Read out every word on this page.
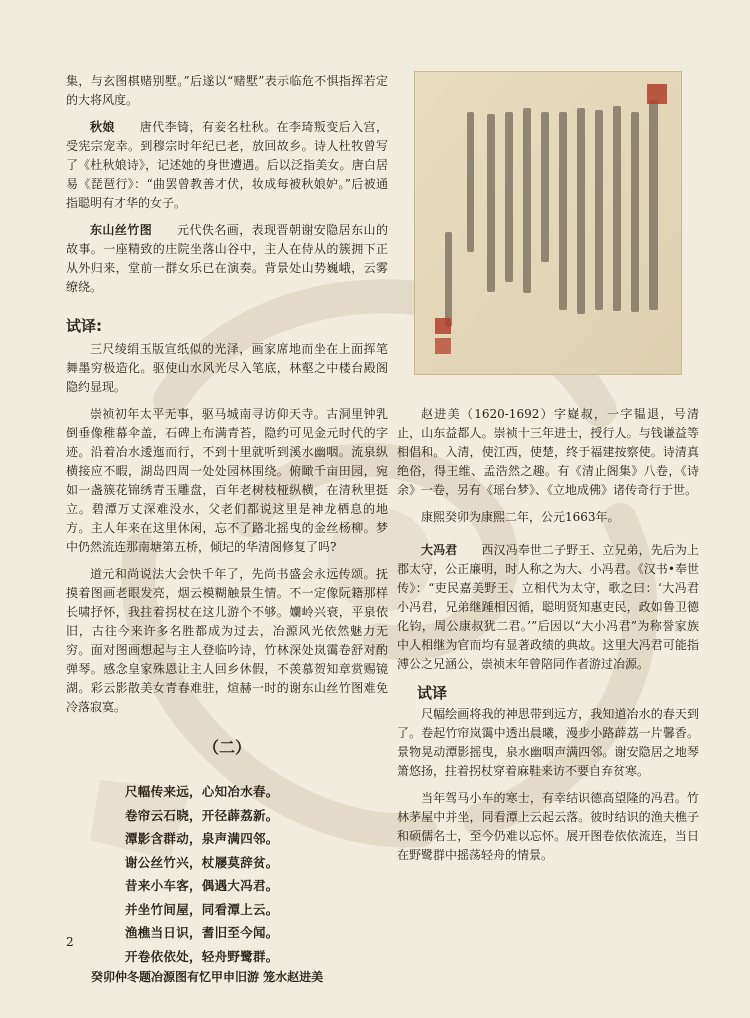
集，与玄图棋赌别墅。”后遂以“赌墅”表示临危不惧指挥若定的大将风度。

秋娘　　 唐代李锜，有妾名杜秋。在李琦叛变后入宫，受宪宗宠幸。到穆宗时年纪已老，放回故乡。诗人杜牧曾写了《杜秋娘诗》，记述她的身世遭遇。后以泛指美女。唐白居易《琵琶行》：“曲罢曾教善才伏，妆成每被秋娘妒。”后被通指聪明有才华的女子。

东山丝竹图　　 元代佚名画，表现晋朝谢安隐居东山的故事。一座精致的庄院坐落山谷中，主人在侍从的簇拥下正从外归来，堂前一群女乐已在演奏。背景处山势巍峨，云雾缭绕。

试译:

三尺绫绢玉版宣纸似的光泽，画家席地而坐在上面挥笔舞墨穷极造化。驱使山水风光尽入笔底，林壑之中楼台殿阁隐约显现。

崇祯初年太平无事，驱马城南寻访仰天寺。古洞里钟乳倒垂像稚幕伞盖，石碑上布满青苔，隐约可见金元时代的字迹。沿着冶水逶迤而行，不到十里就听到溪水幽咽。流泉纵横接应不暇，湖岛四周一处处园林围绕。俯瞰千亩田园，宛如一盏簇花锦绣青玉雕盘，百年老树枝桠纵横，在清秋里挺立。碧潭万丈深难没水，父老们都说这里是神龙栖息的地方。主人年来在这里休闲，忘不了路北摇曳的金丝杨柳。梦中仍然流连那南塘第五桥，倾圮的华清阁修复了吗?

道元和尚说法大会快千年了，先尚书盛会永远传颂。抚摸着图画老眼发亮，烟云模糊触景生情。不一定像阮籍那样长啸抒怀，我拄着拐杖在这儿游个不够。孏岭兴衰，平泉依旧，古往今来许多名胜都成为过去，冶源风光依然魅力无穷。面对图画想起与主人登临吟诗，竹林深处岚霭卷舒对酌弹琴。感念皇家殊恩让主人回乡休假，不羡慕贺知章赏赐镜湖。彩云影散美女青春难驻，煊赫一时的谢东山丝竹图难免冷落寂寞。

（二）
尺幅传来远，心知冶水春。
卷帘云石晓，开径薜荔新。
潭影含群动，泉声满四邻。
谢公丝竹兴，杖屦莫辞贫。
昔来小车客，偶遇大冯君。
并坐竹间屋，同看潭上云。
渔樵当日识，耆旧至今闻。
开卷依依处，轻舟野鹭群。
癸卯仲冬题冶源图有忆甲申旧游 笼水赵进美

赵进美（1620-1692）字嶷叔，一字韫退，号清止，山东益都人。崇祯十三年进士，授行人。与钱谦益等相倡和。入清，使江西，使楚，终于福建按察使。诗清真绝俗，得王维、孟浩然之趣。有《清止阁集》八卷，《诗余》一卷，另有《瑶台梦》、《立地成佛》诸传奇行于世。

康熙癸卯为康熙二年，公元1663年。

大冯君　　 西汉冯奉世二子野王、立兄弟，先后为上郡太守，公正廉明，时人称之为大、小冯君。《汉书•奉世传》：“吏民嘉美野王、立相代为太守，歌之曰：‘大冯君小冯君，兄弟继踵相因循，聪明贤知惠吏民，政如鲁卫德化钧，周公康叔犹二君。’”后因以“大小冯君”为称誉家族中人相继为官而均有显著政绩的典故。这里大冯君可能指溥公之兄涵公，崇祯末年曾陪同作者游过冶源。

试译

尺幅绘画将我的神思带到远方，我知道冶水的春天到了。卷起竹帘岚霭中透出晨曦，漫步小路薜荔一片馨香。景物晃动潭影摇曳，泉水幽咽声满四邻。谢安隐居之地琴箫悠扬，拄着拐杖穿着麻鞋来访不要自弃贫寒。

当年驾马小车的寒士，有幸结识德高望隆的冯君。竹林茅屋中并坐，同看潭上云起云落。彼时结识的渔夫樵子和硕儒名士，至今仍难以忘怀。展开图卷依依流连，当日在野鹭群中摇荡轻舟的情景。

2
